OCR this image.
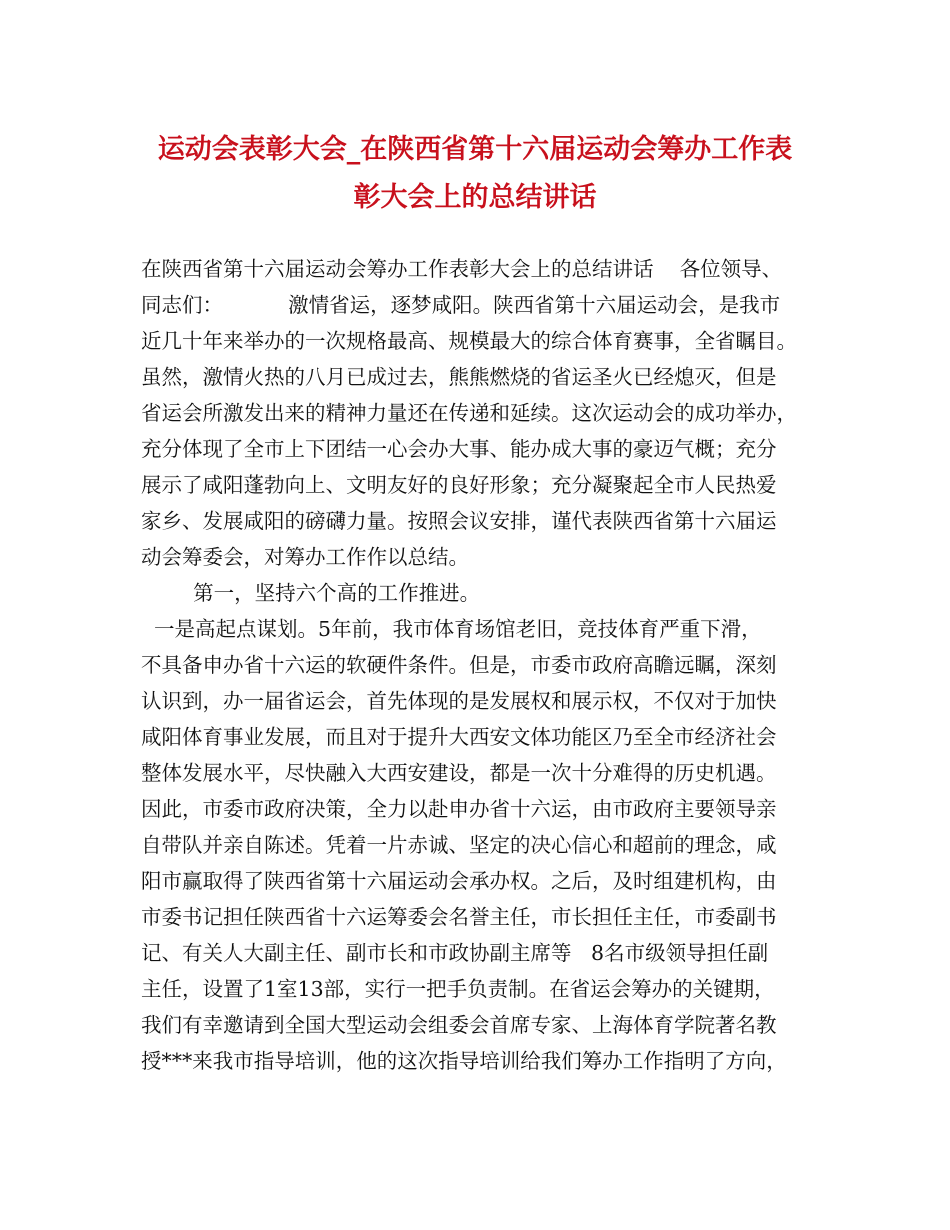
运动会表彰大会_在陕西省第十六届运动会筹办工作表
彰大会上的总结讲话

在陕西省第十六届运动会筹办工作表彰大会上的总结讲话    各位领导、

同志们：          激情省运，逐梦咸阳。陕西省第十六届运动会，是我市

近几十年来举办的一次规格最高、规模最大的综合体育赛事，全省瞩目。

虽然，激情火热的八月已成过去，熊熊燃烧的省运圣火已经熄灭，但是

省运会所激发出来的精神力量还在传递和延续。这次运动会的成功举办，

充分体现了全市上下团结一心会办大事、能办成大事的豪迈气概；充分

展示了咸阳蓬勃向上、文明友好的良好形象；充分凝聚起全市人民热爱

家乡、发展咸阳的磅礴力量。按照会议安排，谨代表陕西省第十六届运

动会筹委会，对筹办工作作以总结。

第一，坚持六个高的工作推进。

一是高起点谋划。5年前，我市体育场馆老旧，竞技体育严重下滑，

不具备申办省十六运的软硬件条件。但是，市委市政府高瞻远瞩，深刻

认识到，办一届省运会，首先体现的是发展权和展示权，不仅对于加快

咸阳体育事业发展，而且对于提升大西安文体功能区乃至全市经济社会

整体发展水平，尽快融入大西安建设，都是一次十分难得的历史机遇。

因此，市委市政府决策，全力以赴申办省十六运，由市政府主要领导亲

自带队并亲自陈述。凭着一片赤诚、坚定的决心信心和超前的理念，咸

阳市赢取得了陕西省第十六届运动会承办权。之后，及时组建机构，由

市委书记担任陕西省十六运筹委会名誉主任，市长担任主任，市委副书

记、有关人大副主任、副市长和市政协副主席等   8名市级领导担任副

主任，设置了1室13部，实行一把手负责制。在省运会筹办的关键期，

我们有幸邀请到全国大型运动会组委会首席专家、上海体育学院著名教

授***来我市指导培训，他的这次指导培训给我们筹办工作指明了方向，
